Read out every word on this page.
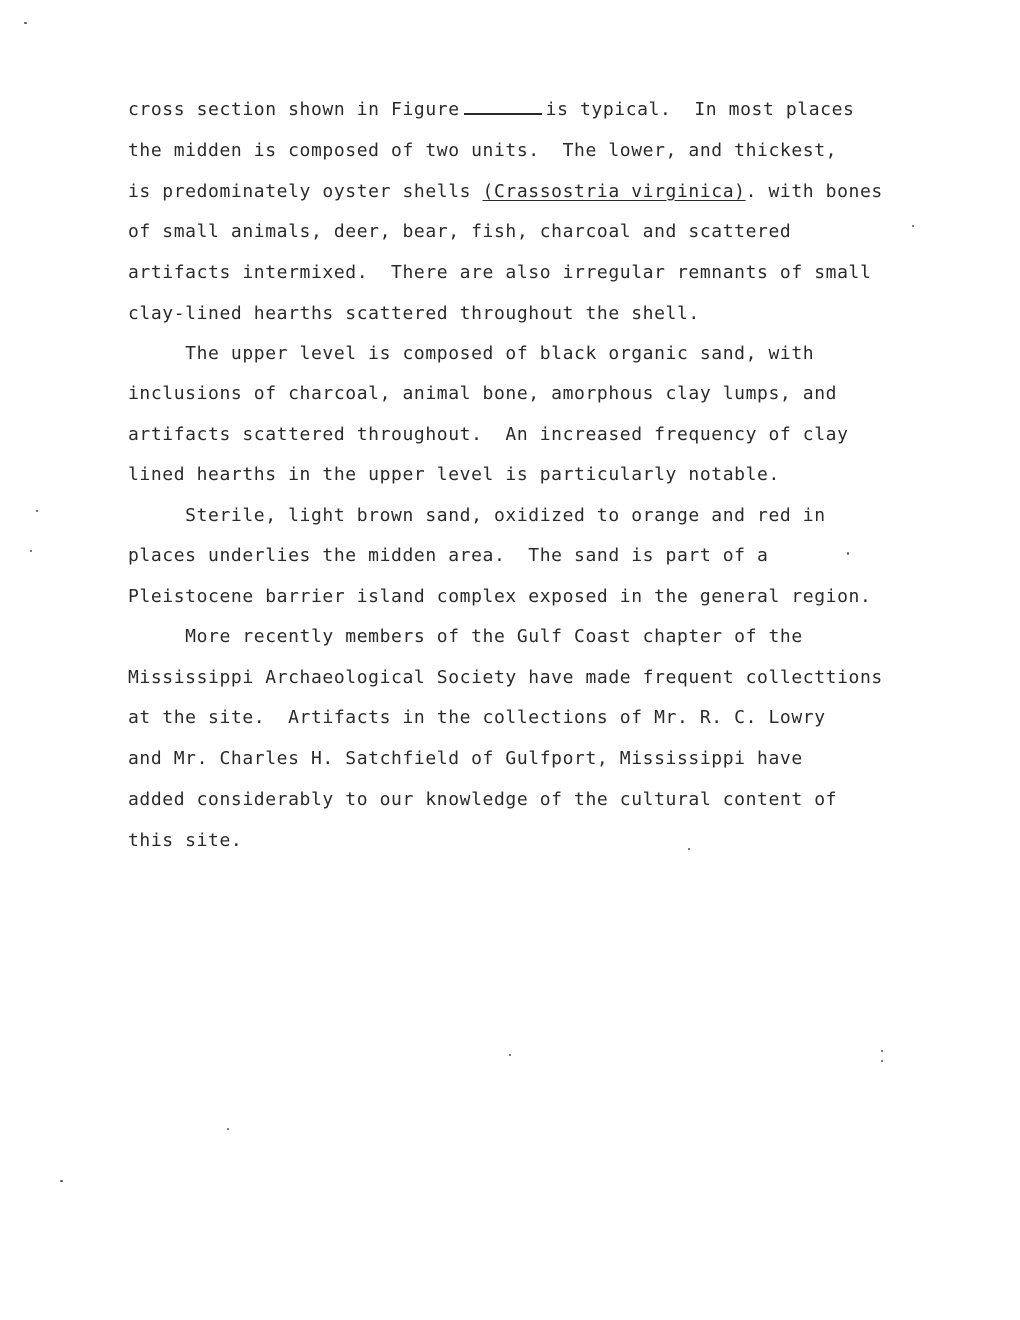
cross section shown in Figure	is typical.  In most places
the midden is composed of two units.  The lower, and thickest,
is predominately oyster shells (Crassostria virginica). with bones
of small animals, deer, bear, fish, charcoal and scattered
artifacts intermixed.  There are also irregular remnants of small
clay-lined hearths scattered throughout the shell.
The upper level is composed of black organic sand, with
inclusions of charcoal, animal bone, amorphous clay lumps, and
artifacts scattered throughout.  An increased frequency of clay
lined hearths in the upper level is particularly notable.
Sterile, light brown sand, oxidized to orange and red in
places underlies the midden area.  The sand is part of a
Pleistocene barrier island complex exposed in the general region.
More recently members of the Gulf Coast chapter of the
Mississippi Archaeological Society have made frequent collecttions
at the site.  Artifacts in the collections of Mr. R. C. Lowry
and Mr. Charles H. Satchfield of Gulfport, Mississippi have
added considerably to our knowledge of the cultural content of
this site.
